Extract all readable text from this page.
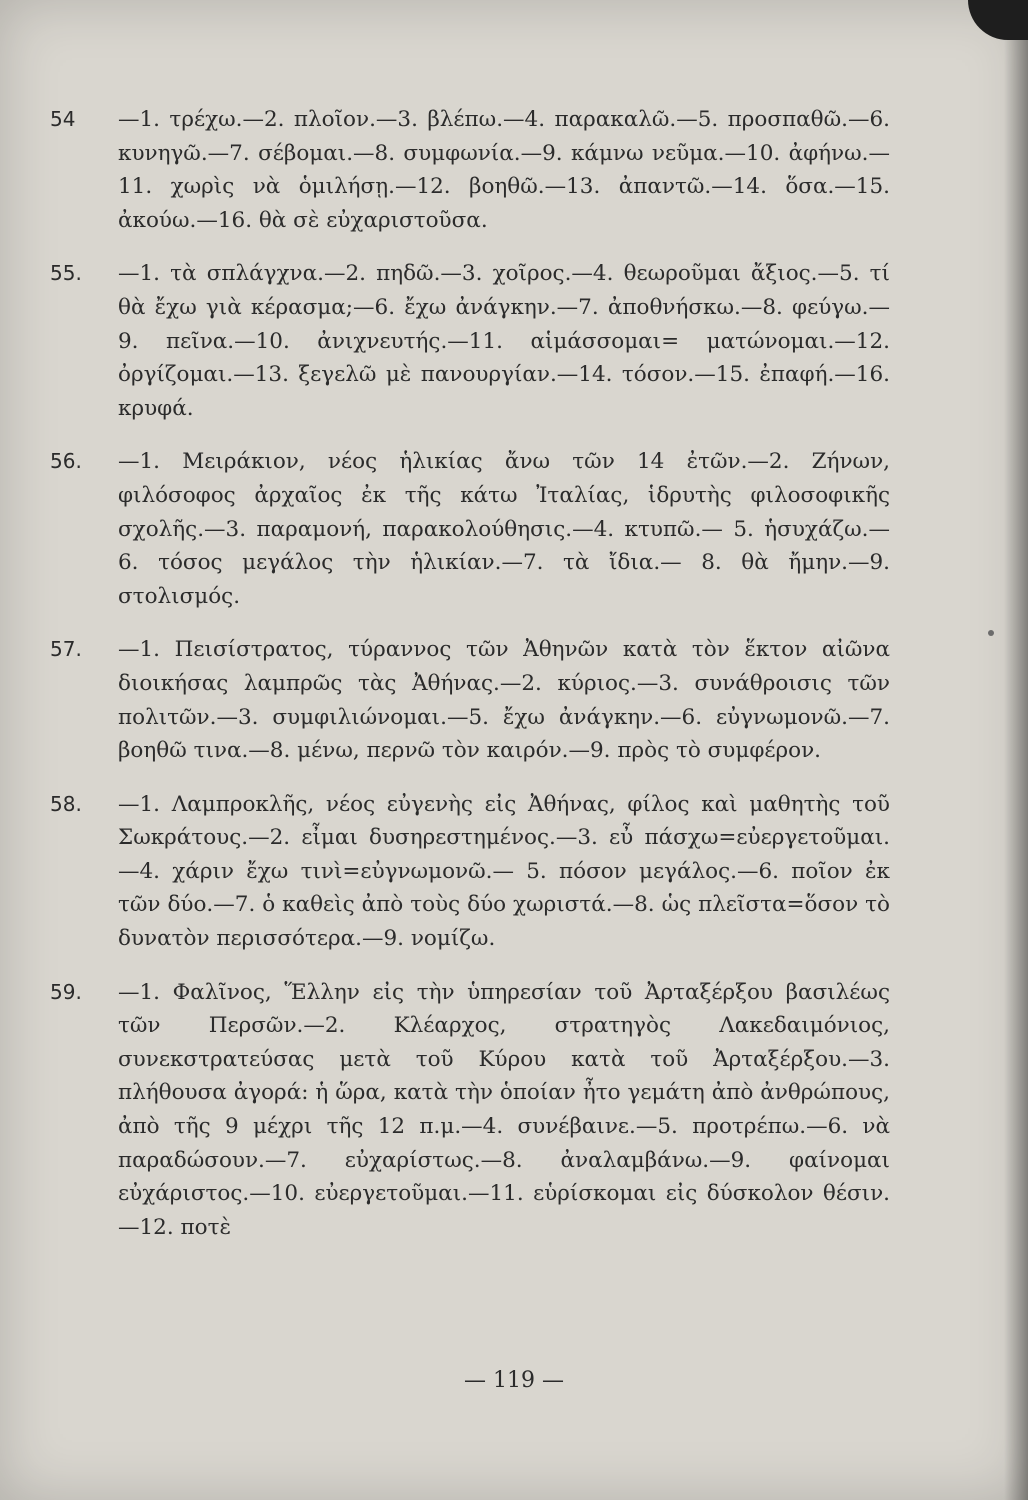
54 —1. τρέχω.—2. πλοῖον.—3. βλέπω.—4. παρακαλῶ.—5. προσπαθῶ.—6. κυνηγῶ.—7. σέβομαι.—8. συμφωνία.—9. κάμνω νεῦμα.—10. ἀφήνω.—11. χωρὶς νὰ ὁμιλήσῃ.—12. βοηθῶ.—13. ἀπαντῶ.—14. ὅσα.—15. ἀκούω.—16. θὰ σὲ εὐχαριστοῦσα.
55. —1. τὰ σπλάγχνα.—2. πηδῶ.—3. χοῖρος.—4. θεωροῦμαι ἄξιος.—5. τί θὰ ἔχω γιὰ κέρασμα;—6. ἔχω ἀνάγκην.—7. ἀποθνήσκω.—8. φεύγω.—9. πεῖνα.—10. ἀνιχνευτής.—11. αἱμάσσομαι= ματώνομαι.—12. ὀργίζομαι.—13. ξεγελῶ μὲ πανουργίαν.—14. τόσον.—15. ἐπαφή.—16. κρυφά.
56. —1. Μειράκιον, νέος ἡλικίας ἄνω τῶν 14 ἐτῶν.—2. Ζήνων, φιλόσοφος ἀρχαῖος ἐκ τῆς κάτω Ἰταλίας, ἱδρυτὴς φιλοσοφικῆς σχολῆς.—3. παραμονή, παρακολούθησις.—4. κτυπῶ.— 5. ἡσυχάζω.—6. τόσος μεγάλος τὴν ἡλικίαν.—7. τὰ ἴδια.— 8. θὰ ἤμην.—9. στολισμός.
57. —1. Πεισίστρατος, τύραννος τῶν Ἀθηνῶν κατὰ τὸν ἕκτον αἰῶνα διοικήσας λαμπρῶς τὰς Ἀθήνας.—2. κύριος.—3. συνάθροισις τῶν πολιτῶν.—3. συμφιλιώνομαι.—5. ἔχω ἀνάγκην.—6. εὐγνωμονῶ.—7. βοηθῶ τινα.—8. μένω, περνῶ τὸν καιρόν.—9. πρὸς τὸ συμφέρον.
58. —1. Λαμπροκλῆς, νέος εὐγενὴς εἰς Ἀθήνας, φίλος καὶ μαθητὴς τοῦ Σωκράτους.—2. εἶμαι δυσηρεστημένος.—3. εὖ πάσχω=εὐεργετοῦμαι.—4. χάριν ἔχω τινὶ=εὐγνωμονῶ.— 5. πόσον μεγάλος.—6. ποῖον ἐκ τῶν δύο.—7. ὁ καθεὶς ἀπὸ τοὺς δύο χωριστά.—8. ὡς πλεῖστα=ὅσον τὸ δυνατὸν περισσότερα.—9. νομίζω.
59. —1. Φαλῖνος, Ἕλλην εἰς τὴν ὑπηρεσίαν τοῦ Ἀρταξέρξου βασιλέως τῶν Περσῶν.—2. Κλέαρχος, στρατηγὸς Λακεδαιμόνιος, συνεκστρατεύσας μετὰ τοῦ Κύρου κατὰ τοῦ Ἀρταξέρξου.—3. πλήθουσα ἀγορά: ἡ ὥρα, κατὰ τὴν ὁποίαν ἦτο γεμάτη ἀπὸ ἀνθρώπους, ἀπὸ τῆς 9 μέχρι τῆς 12 π.μ.—4. συνέβαινε.—5. προτρέπω.—6. νὰ παραδώσουν.—7. εὐχαρίστως.—8. ἀναλαμβάνω.—9. φαίνομαι εὐχάριστος.—10. εὐεργετοῦμαι.—11. εὑρίσκομαι εἰς δύσκολον θέσιν.—12. ποτὲ
— 119 —
